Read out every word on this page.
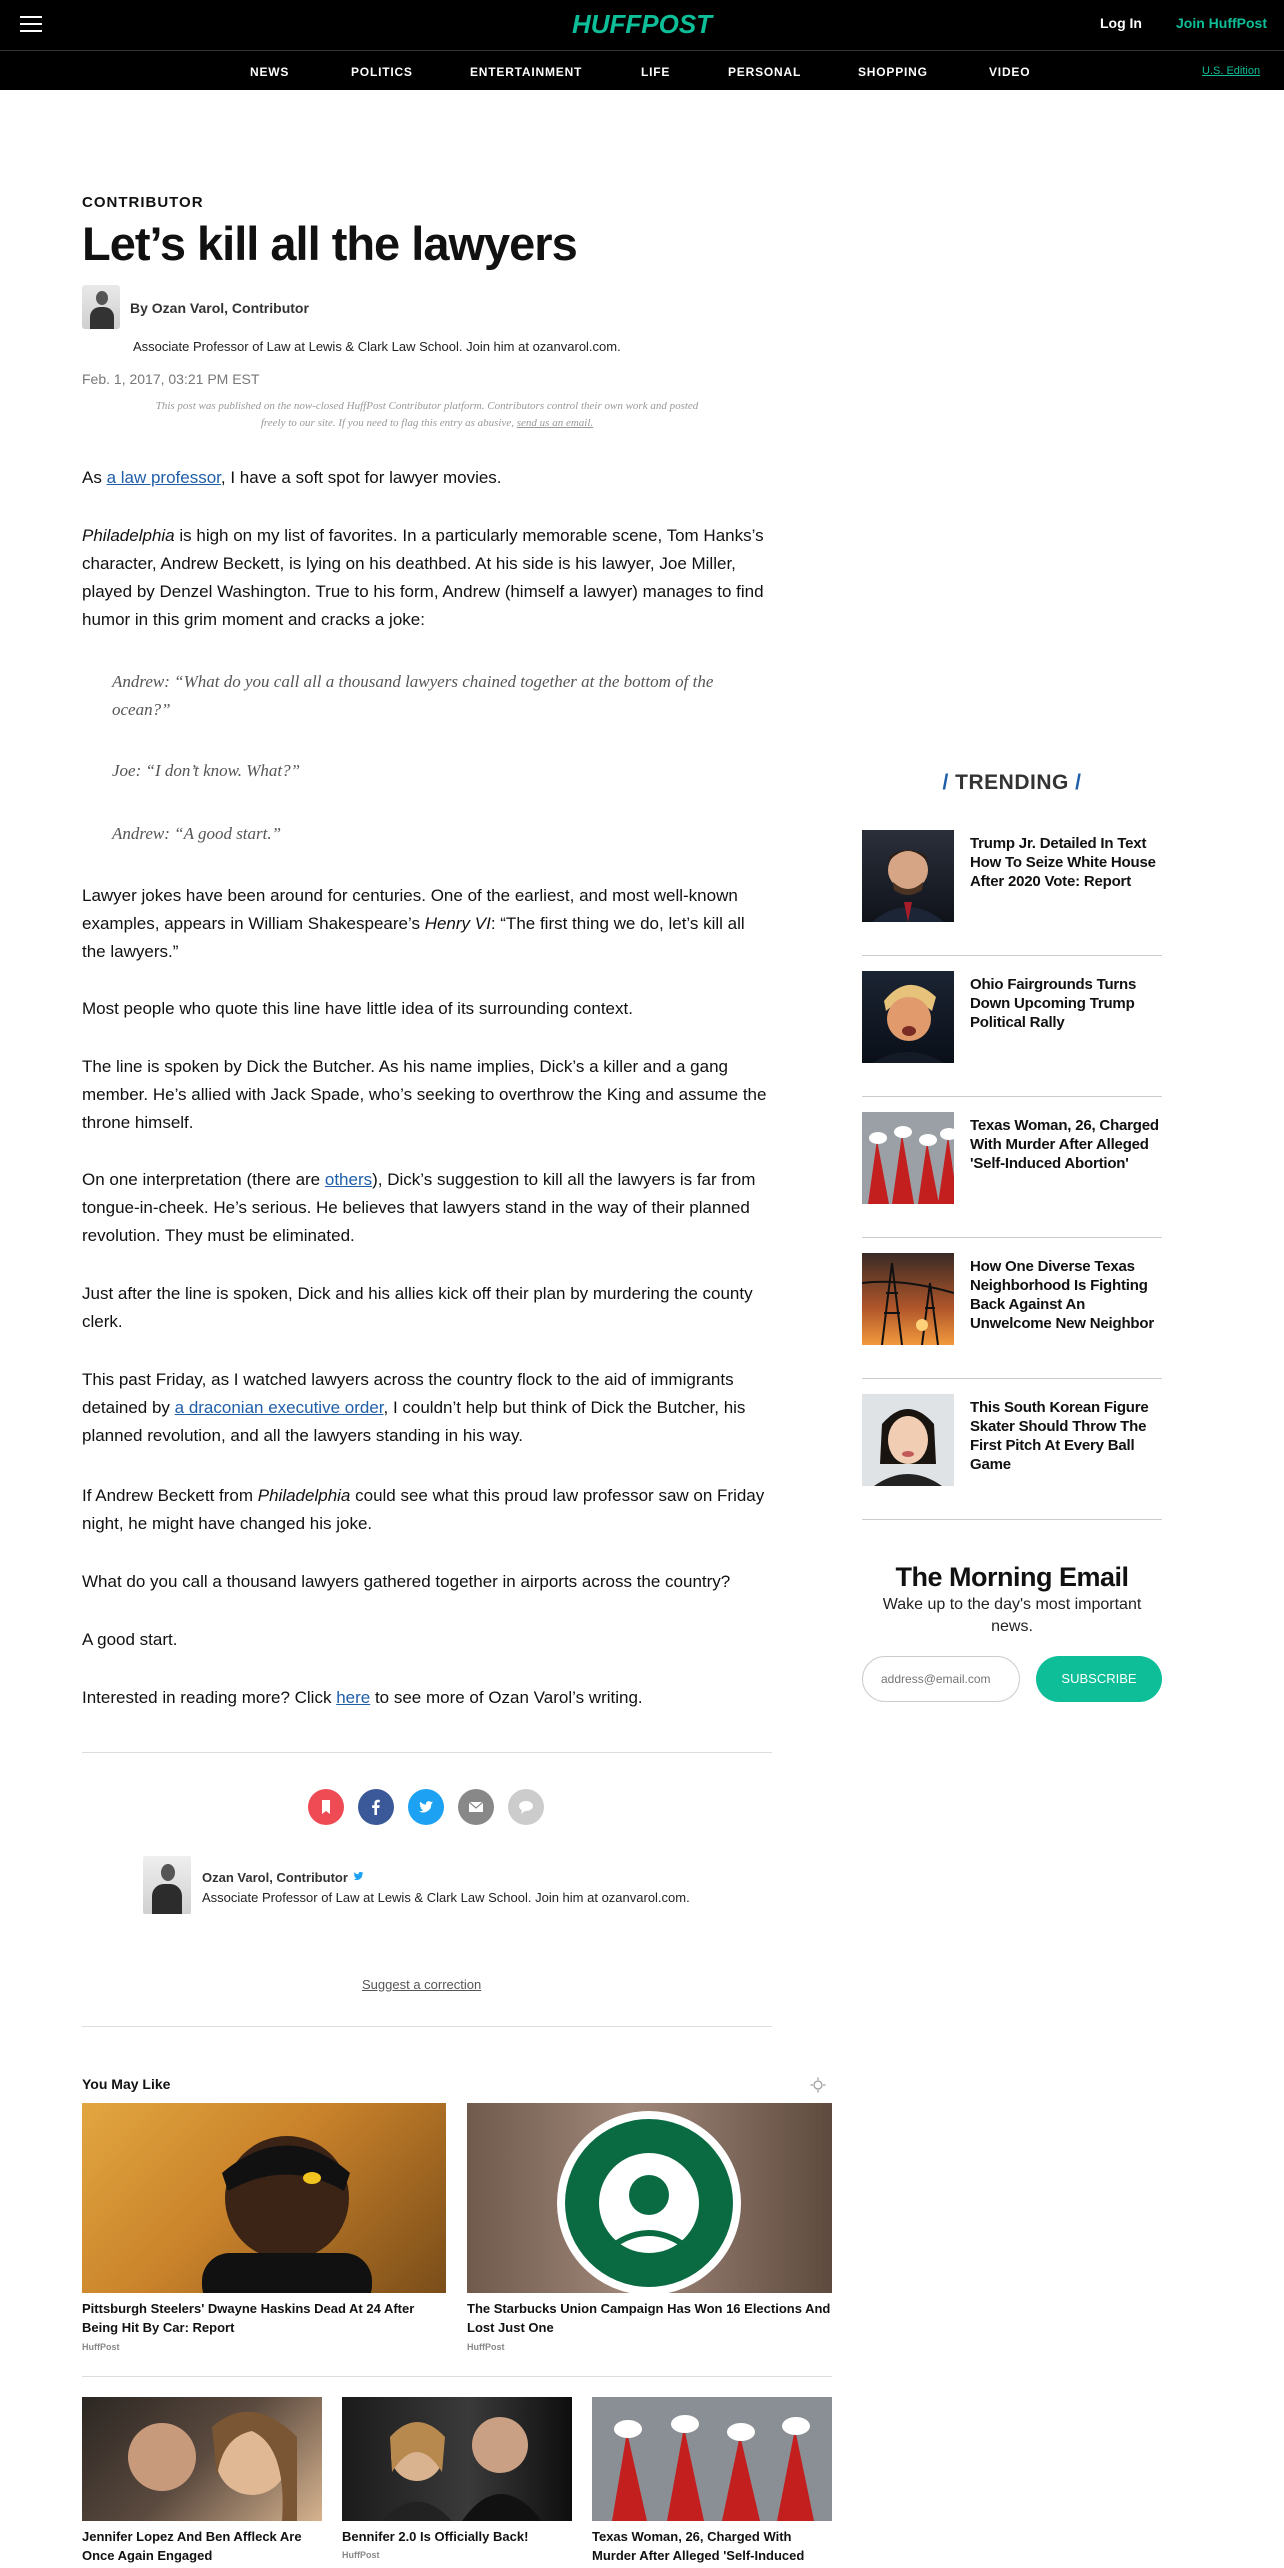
HUFFPOST	Log In Join HuffPost
NEWS	POLITICS	ENTERTAINMENT	LIFE	PERSONAL	SHOPPING	VIDEO	U.S. Edition
CONTRIBUTOR
Let’s kill all the lawyers
By Ozan Varol, Contributor
Associate Professor of Law at Lewis & Clark Law School. Join him at ozanvarol.com.
Feb. 1, 2017, 03:21 PM EST
This post was published on the now-closed HuffPost Contributor platform. Contributors control their own work and posted
freely to our site. If you need to flag this entry as abusive, send us an email.

As a law professor, I have a soft spot for lawyer movies.

Philadelphia is high on my list of favorites. In a particularly memorable scene, Tom Hanks’s character, Andrew Beckett, is lying on his deathbed. At his side is his lawyer, Joe Miller, played by Denzel Washington. True to his form, Andrew (himself a lawyer) manages to find humor in this grim moment and cracks a joke:

Andrew: “What do you call all a thousand lawyers chained together at the bottom of the ocean?”

Joe: “I don’t know. What?”

Andrew: “A good start.”

Lawyer jokes have been around for centuries. One of the earliest, and most well-known examples, appears in William Shakespeare’s Henry VI: “The first thing we do, let’s kill all the lawyers.”

Most people who quote this line have little idea of its surrounding context.

The line is spoken by Dick the Butcher. As his name implies, Dick’s a killer and a gang member. He’s allied with Jack Spade, who’s seeking to overthrow the King and assume the throne himself.

On one interpretation (there are others), Dick’s suggestion to kill all the lawyers is far from tongue-in-cheek. He’s serious. He believes that lawyers stand in the way of their planned revolution. They must be eliminated.

Just after the line is spoken, Dick and his allies kick off their plan by murdering the county clerk.

This past Friday, as I watched lawyers across the country flock to the aid of immigrants detained by a draconian executive order, I couldn’t help but think of Dick the Butcher, his planned revolution, and all the lawyers standing in his way.

If Andrew Beckett from Philadelphia could see what this proud law professor saw on Friday night, he might have changed his joke.

What do you call a thousand lawyers gathered together in airports across the country?

A good start.

Interested in reading more? Click here to see more of Ozan Varol’s writing.

Ozan Varol, Contributor
Associate Professor of Law at Lewis & Clark Law School. Join him at ozanvarol.com.
Suggest a correction
You May Like
Pittsburgh Steelers' Dwayne Haskins Dead At 24 After Being Hit By Car: Report
HuffPost
The Starbucks Union Campaign Has Won 16 Elections And Lost Just One
HuffPost
Jennifer Lopez And Ben Affleck Are Once Again Engaged
Bennifer 2.0 Is Officially Back!
HuffPost
Texas Woman, 26, Charged With Murder After Alleged 'Self-Induced
/ TRENDING /
Trump Jr. Detailed In Text How To Seize White House After 2020 Vote: Report
Ohio Fairgrounds Turns Down Upcoming Trump Political Rally
Texas Woman, 26, Charged With Murder After Alleged 'Self-Induced Abortion'
How One Diverse Texas Neighborhood Is Fighting Back Against An Unwelcome New Neighbor
This South Korean Figure Skater Should Throw The First Pitch At Every Ball Game
The Morning Email
Wake up to the day's most important news.
address@email.com
SUBSCRIBE
